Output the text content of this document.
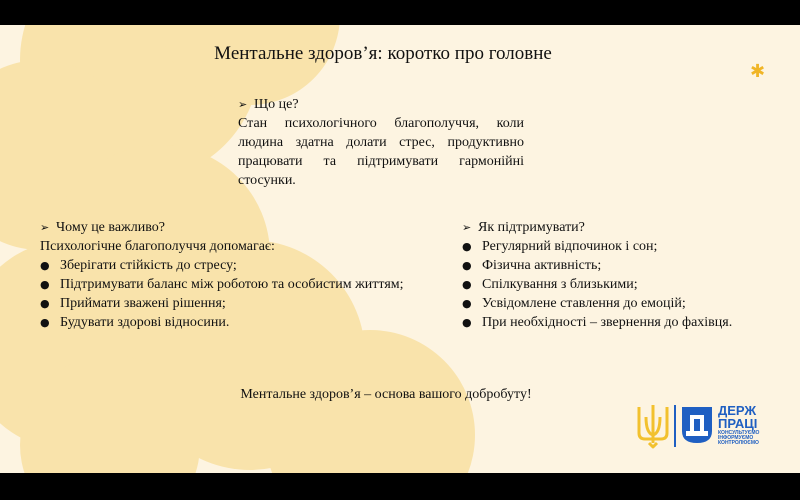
Ментальне здоров’я: коротко про головне
✱
➢ Що це?
Стан психологічного благополуччя, коли людина здатна долати стрес, продуктивно працювати та підтримувати гармонійні стосунки.
➢ Чому це важливо?
Психологічне благополуччя допомагає:
● Зберігати стійкість до стресу;
● Підтримувати баланс між роботою та особистим життям;
● Приймати зважені рішення;
● Будувати здорові відносини.
➢ Як підтримувати?
● Регулярний відпочинок і сон;
● Фізична активність;
● Спілкування з близькими;
● Усвідомлене ставлення до емоцій;
● При необхідності – звернення до фахівця.
Ментальне здоров’я – основа вашого добробуту!
ДЕРЖ
ПРАЦІ
КОНСУЛЬТУЄМО
ІНФОРМУЄМО
КОНТРОЛЮЄМО
